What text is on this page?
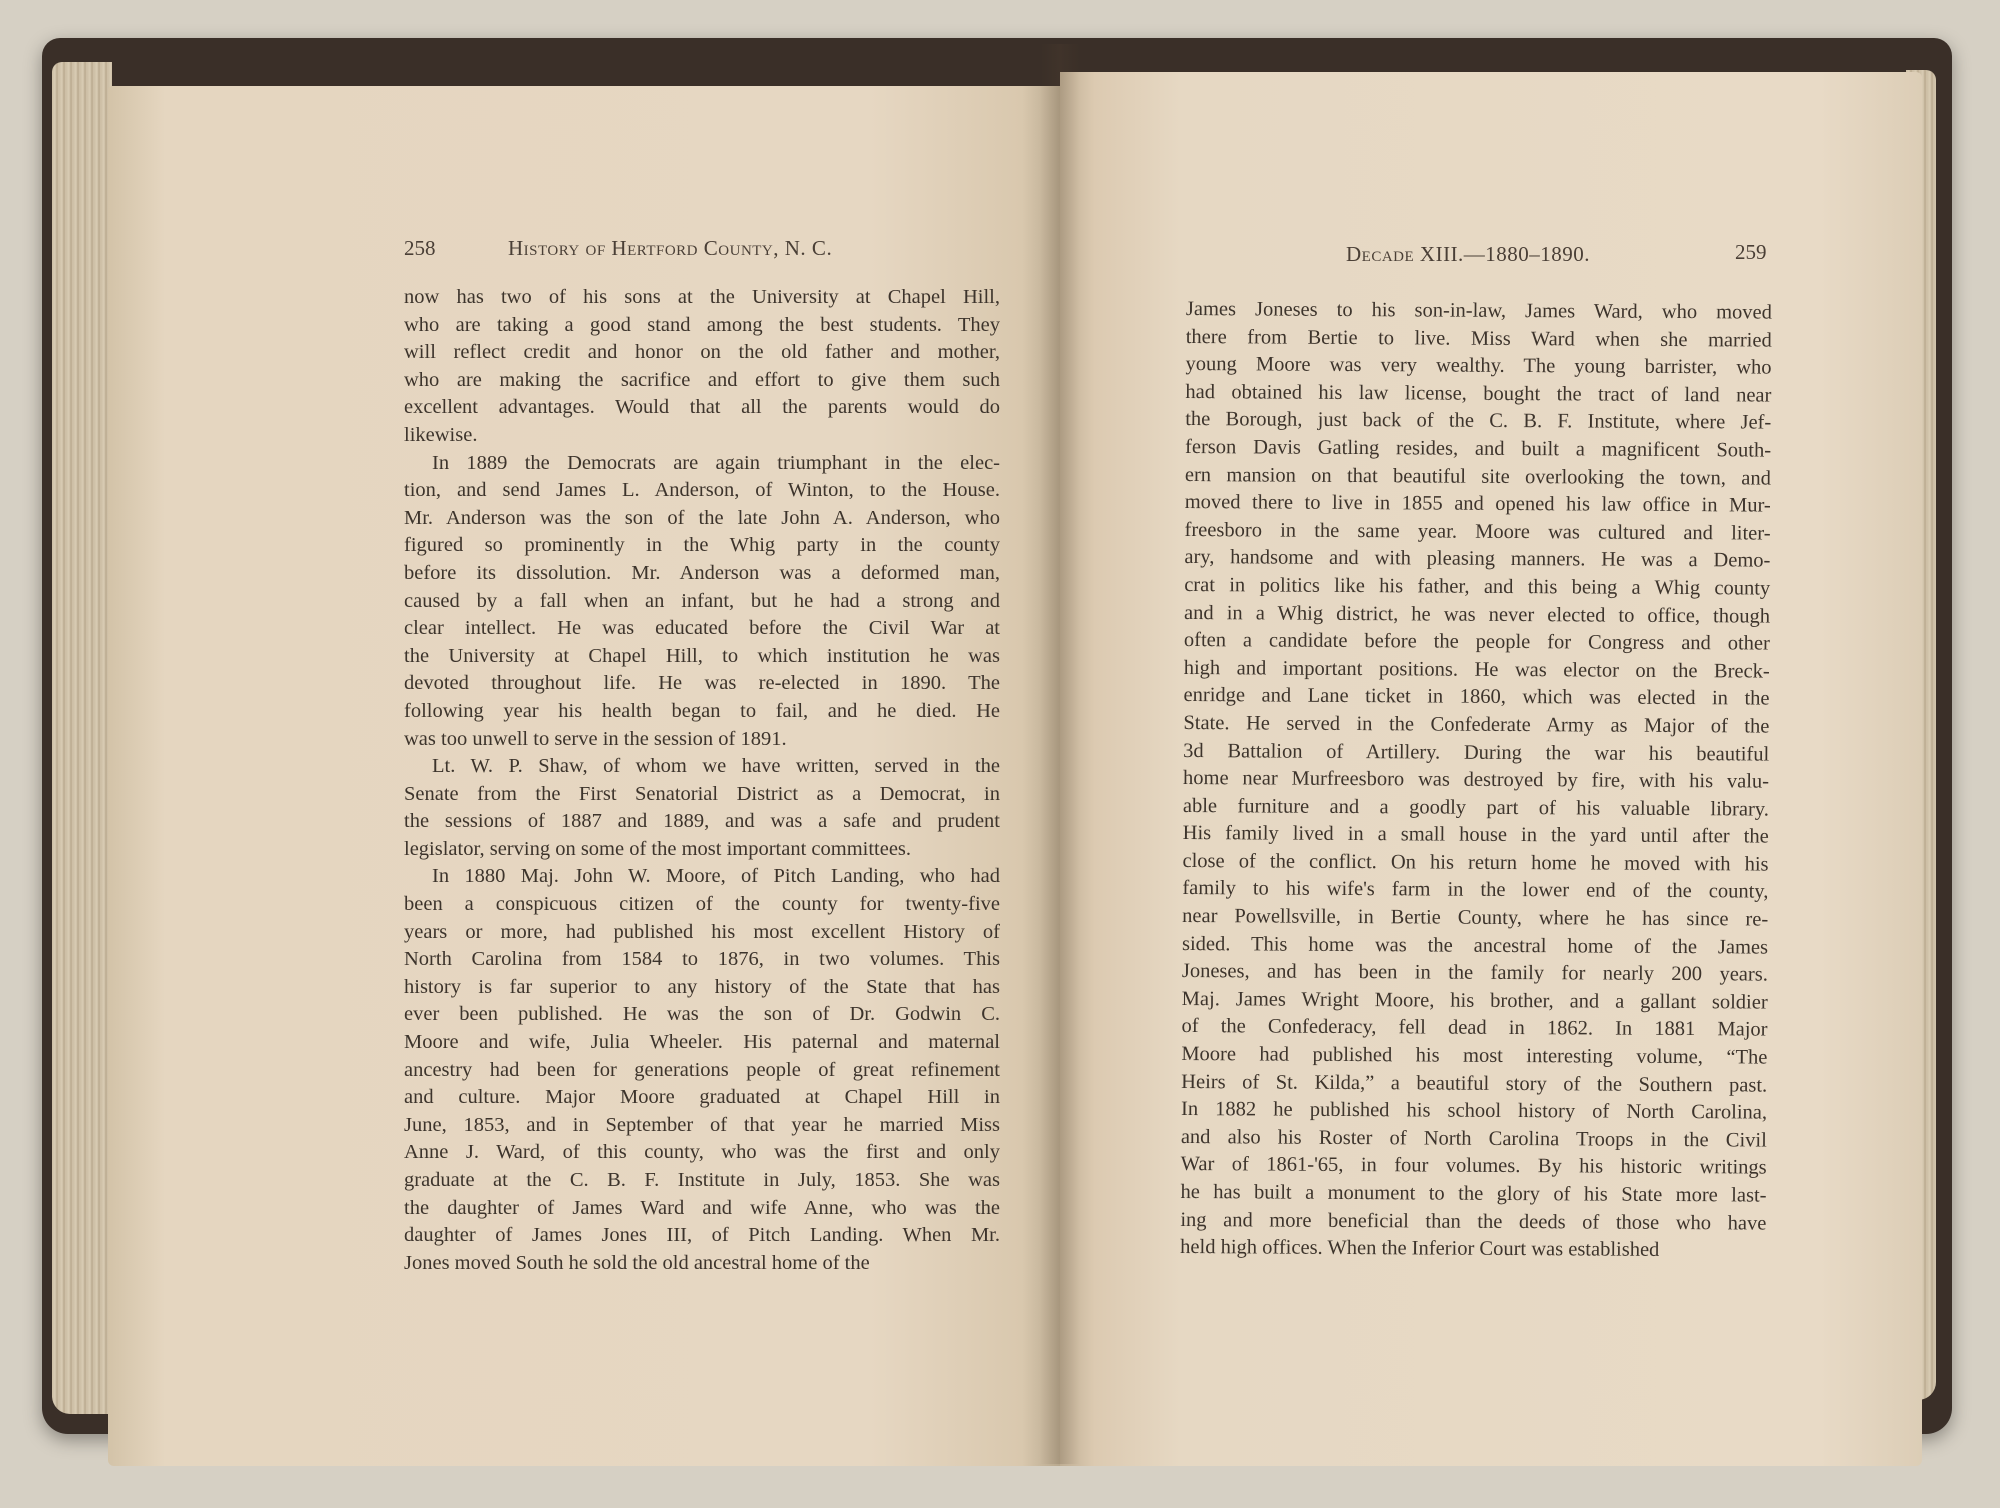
258	History of Hertford County, N. C.	Decade XIII.—1880–1890.	259
now has two of his sons at the University at Chapel Hill,
who are taking a good stand among the best students. They
will reflect credit and honor on the old father and mother,
who are making the sacrifice and effort to give them such
excellent advantages. Would that all the parents would do
likewise.
In 1889 the Democrats are again triumphant in the elec-
tion, and send James L. Anderson, of Winton, to the House.
Mr. Anderson was the son of the late John A. Anderson, who
figured so prominently in the Whig party in the county
before its dissolution. Mr. Anderson was a deformed man,
caused by a fall when an infant, but he had a strong and
clear intellect. He was educated before the Civil War at
the University at Chapel Hill, to which institution he was
devoted throughout life. He was re-elected in 1890. The
following year his health began to fail, and he died. He
was too unwell to serve in the session of 1891.
Lt. W. P. Shaw, of whom we have written, served in the
Senate from the First Senatorial District as a Democrat, in
the sessions of 1887 and 1889, and was a safe and prudent
legislator, serving on some of the most important committees.
In 1880 Maj. John W. Moore, of Pitch Landing, who had
been a conspicuous citizen of the county for twenty-five
years or more, had published his most excellent History of
North Carolina from 1584 to 1876, in two volumes. This
history is far superior to any history of the State that has
ever been published. He was the son of Dr. Godwin C.
Moore and wife, Julia Wheeler. His paternal and maternal
ancestry had been for generations people of great refinement
and culture. Major Moore graduated at Chapel Hill in
June, 1853, and in September of that year he married Miss
Anne J. Ward, of this county, who was the first and only
graduate at the C. B. F. Institute in July, 1853. She was
the daughter of James Ward and wife Anne, who was the
daughter of James Jones III, of Pitch Landing. When Mr.
Jones moved South he sold the old ancestral home of the
James Joneses to his son-in-law, James Ward, who moved
there from Bertie to live. Miss Ward when she married
young Moore was very wealthy. The young barrister, who
had obtained his law license, bought the tract of land near
the Borough, just back of the C. B. F. Institute, where Jef-
ferson Davis Gatling resides, and built a magnificent South-
ern mansion on that beautiful site overlooking the town, and
moved there to live in 1855 and opened his law office in Mur-
freesboro in the same year. Moore was cultured and liter-
ary, handsome and with pleasing manners. He was a Demo-
crat in politics like his father, and this being a Whig county
and in a Whig district, he was never elected to office, though
often a candidate before the people for Congress and other
high and important positions. He was elector on the Breck-
enridge and Lane ticket in 1860, which was elected in the
State. He served in the Confederate Army as Major of the
3d Battalion of Artillery. During the war his beautiful
home near Murfreesboro was destroyed by fire, with his valu-
able furniture and a goodly part of his valuable library.
His family lived in a small house in the yard until after the
close of the conflict. On his return home he moved with his
family to his wife's farm in the lower end of the county,
near Powellsville, in Bertie County, where he has since re-
sided. This home was the ancestral home of the James
Joneses, and has been in the family for nearly 200 years.
Maj. James Wright Moore, his brother, and a gallant soldier
of the Confederacy, fell dead in 1862. In 1881 Major
Moore had published his most interesting volume, “The
Heirs of St. Kilda,” a beautiful story of the Southern past.
In 1882 he published his school history of North Carolina,
and also his Roster of North Carolina Troops in the Civil
War of 1861-'65, in four volumes. By his historic writings
he has built a monument to the glory of his State more last-
ing and more beneficial than the deeds of those who have
held high offices. When the Inferior Court was established
